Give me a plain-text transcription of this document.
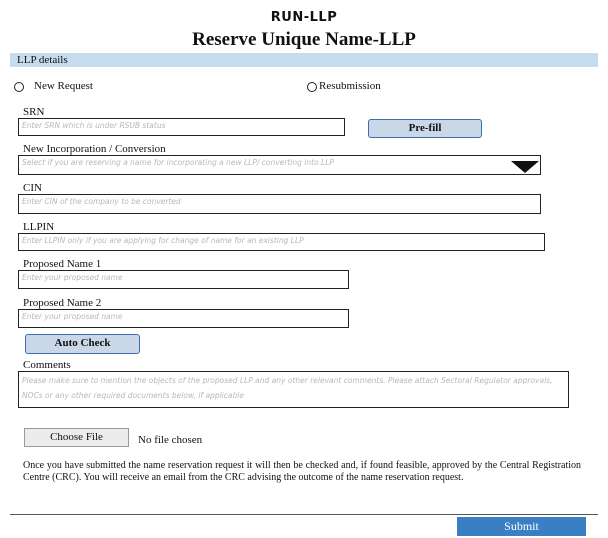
RUN-LLP
Reserve Unique Name-LLP
LLP details
New Request	Resubmission
SRN
Enter SRN which is under RSUB status	Pre-fill
New Incorporation / Conversion
Select if you are reserving a name for incorporating a new LLP/ converting into LLP
CIN
Enter CIN of the company to be converted
LLPIN
Enter LLPIN only if you are applying for change of name for an existing LLP
Proposed Name 1
Enter your proposed name
Proposed Name 2
Enter your proposed name
Auto Check
Comments
Please make sure to mention the objects of the proposed LLP and any other relevant comments. Please attach Sectoral Regulator approvals, NOCs or any other required documents below, if applicable
Choose File	No file chosen
Once you have submitted the name reservation request it will then be checked and, if found feasible, approved by the Central Registration Centre (CRC). You will receive an email from the CRC advising the outcome of the name reservation request.
Submit
